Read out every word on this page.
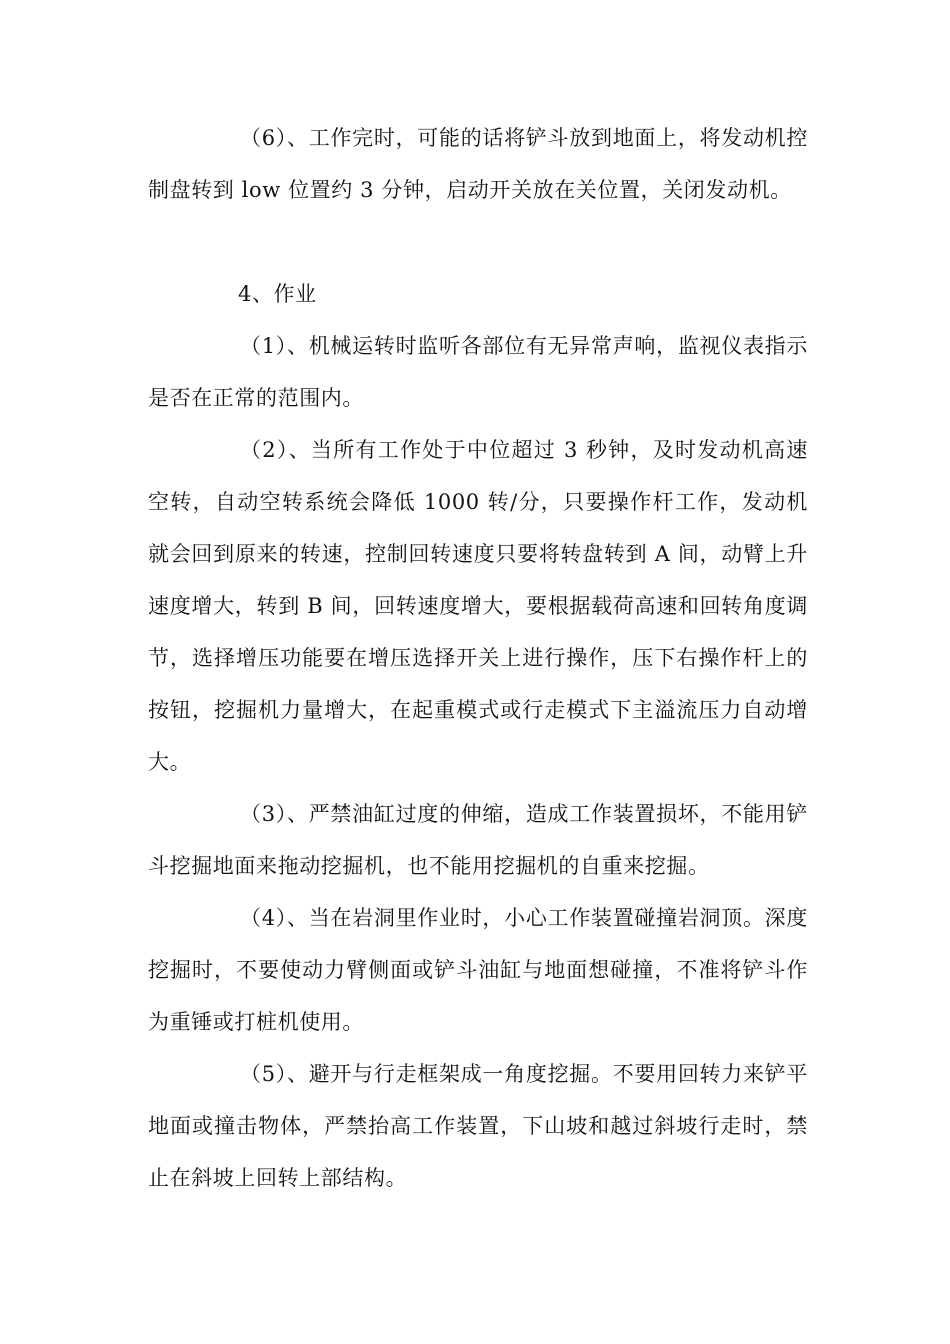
（6）、工作完时，可能的话将铲斗放到地面上，将发动机控制盘转到 low 位置约 3 分钟，启动开关放在关位置，关闭发动机。

4、作业

（1）、机械运转时监听各部位有无异常声响，监视仪表指示是否在正常的范围内。

（2）、当所有工作处于中位超过 3 秒钟，及时发动机高速空转，自动空转系统会降低 1000 转/分，只要操作杆工作，发动机就会回到原来的转速，控制回转速度只要将转盘转到 A 间，动臂上升速度增大，转到 B 间，回转速度增大，要根据载荷高速和回转角度调节，选择增压功能要在增压选择开关上进行操作，压下右操作杆上的按钮，挖掘机力量增大，在起重模式或行走模式下主溢流压力自动增大。

（3）、严禁油缸过度的伸缩，造成工作装置损坏，不能用铲斗挖掘地面来拖动挖掘机，也不能用挖掘机的自重来挖掘。

（4）、当在岩洞里作业时，小心工作装置碰撞岩洞顶。深度挖掘时，不要使动力臂侧面或铲斗油缸与地面想碰撞，不准将铲斗作为重锤或打桩机使用。

（5）、避开与行走框架成一角度挖掘。不要用回转力来铲平地面或撞击物体，严禁抬高工作装置，下山坡和越过斜坡行走时，禁止在斜坡上回转上部结构。
